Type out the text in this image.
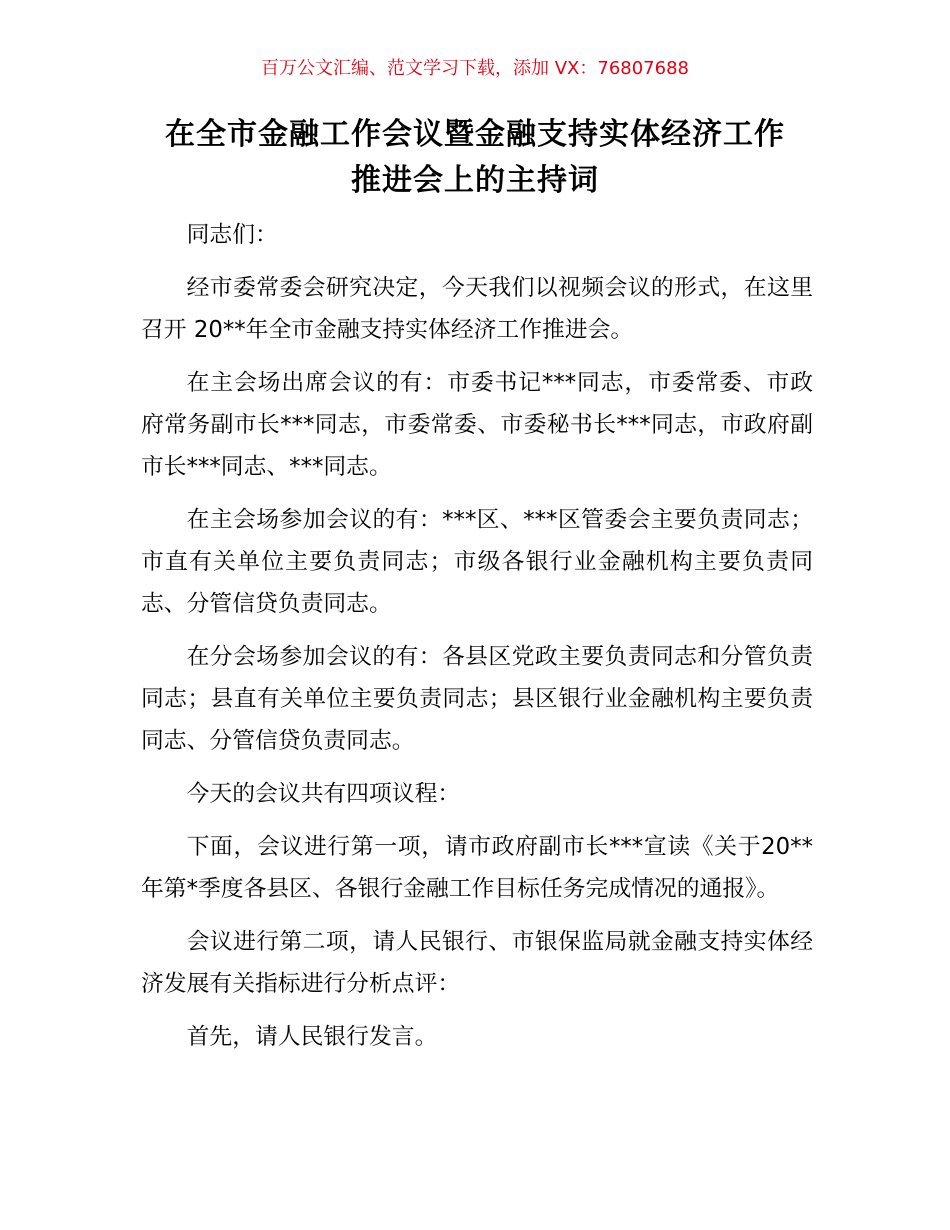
百万公文汇编、范文学习下载，添加 VX：76807688
在全市金融工作会议暨金融支持实体经济工作
推进会上的主持词

同志们：

经市委常委会研究决定，今天我们以视频会议的形式，在这里召开 20**年全市金融支持实体经济工作推进会。

在主会场出席会议的有：市委书记***同志，市委常委、市政府常务副市长***同志，市委常委、市委秘书长***同志，市政府副市长***同志、***同志。

在主会场参加会议的有：***区、***区管委会主要负责同志；市直有关单位主要负责同志；市级各银行业金融机构主要负责同志、分管信贷负责同志。

在分会场参加会议的有：各县区党政主要负责同志和分管负责同志；县直有关单位主要负责同志；县区银行业金融机构主要负责同志、分管信贷负责同志。

今天的会议共有四项议程：

下面，会议进行第一项，请市政府副市长***宣读《关于20**年第*季度各县区、各银行金融工作目标任务完成情况的通报》。

会议进行第二项，请人民银行、市银保监局就金融支持实体经济发展有关指标进行分析点评：

首先，请人民银行发言。
